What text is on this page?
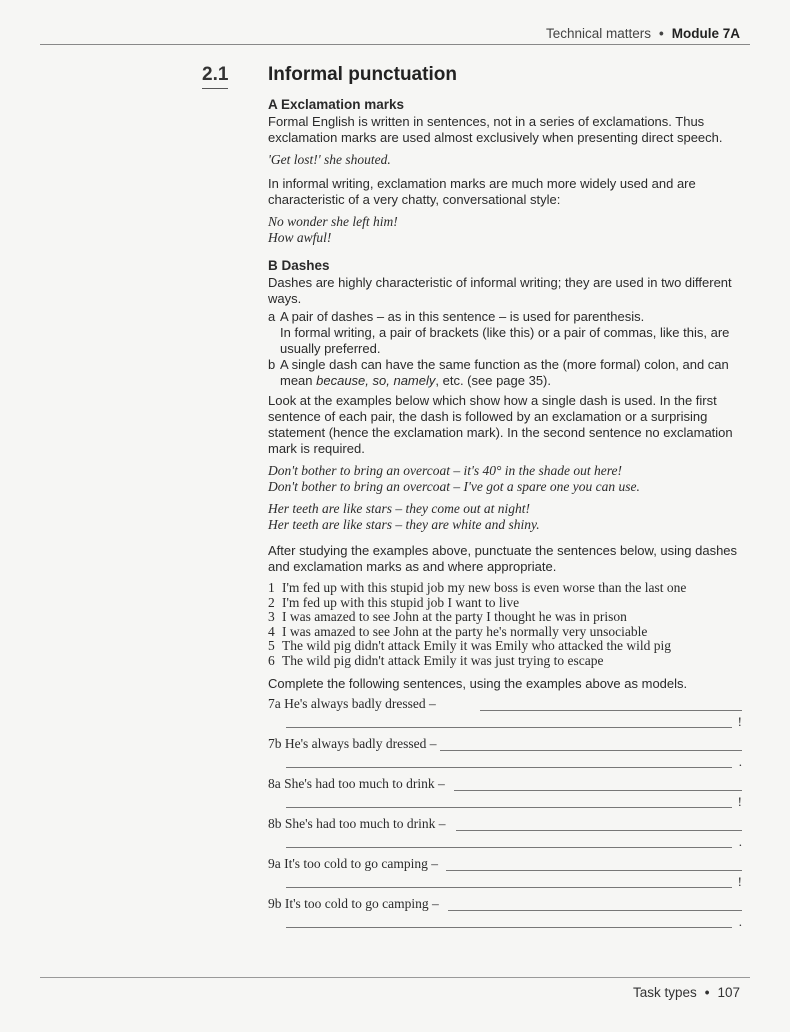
Technical matters • Module 7A
2.1 Informal punctuation
A Exclamation marks

Formal English is written in sentences, not in a series of exclamations. Thus exclamation marks are used almost exclusively when presenting direct speech.

'Get lost!' she shouted.

In informal writing, exclamation marks are much more widely used and are characteristic of a very chatty, conversational style:

No wonder she left him!
How awful!
B Dashes

Dashes are highly characteristic of informal writing; they are used in two different ways.

a A pair of dashes – as in this sentence – is used for parenthesis.
In formal writing, a pair of brackets (like this) or a pair of commas, like this, are usually preferred.
b A single dash can have the same function as the (more formal) colon, and can mean because, so, namely, etc. (see page 35).

Look at the examples below which show how a single dash is used. In the first sentence of each pair, the dash is followed by an exclamation or a surprising statement (hence the exclamation mark). In the second sentence no exclamation mark is required.

Don't bother to bring an overcoat – it's 40° in the shade out here!
Don't bother to bring an overcoat – I've got a spare one you can use.
Her teeth are like stars – they come out at night!
Her teeth are like stars – they are white and shiny.

After studying the examples above, punctuate the sentences below, using dashes and exclamation marks as and where appropriate.

1 I'm fed up with this stupid job my new boss is even worse than the last one
2 I'm fed up with this stupid job I want to live
3 I was amazed to see John at the party I thought he was in prison
4 I was amazed to see John at the party he's normally very unsociable
5 The wild pig didn't attack Emily it was Emily who attacked the wild pig
6 The wild pig didn't attack Emily it was just trying to escape

Complete the following sentences, using the examples above as models.

7a He's always badly dressed –
!
7b He's always badly dressed –
.
8a She's had too much to drink –
!
8b She's had too much to drink –
.
9a It's too cold to go camping –
!
9b It's too cold to go camping –
.
Task types • 107
